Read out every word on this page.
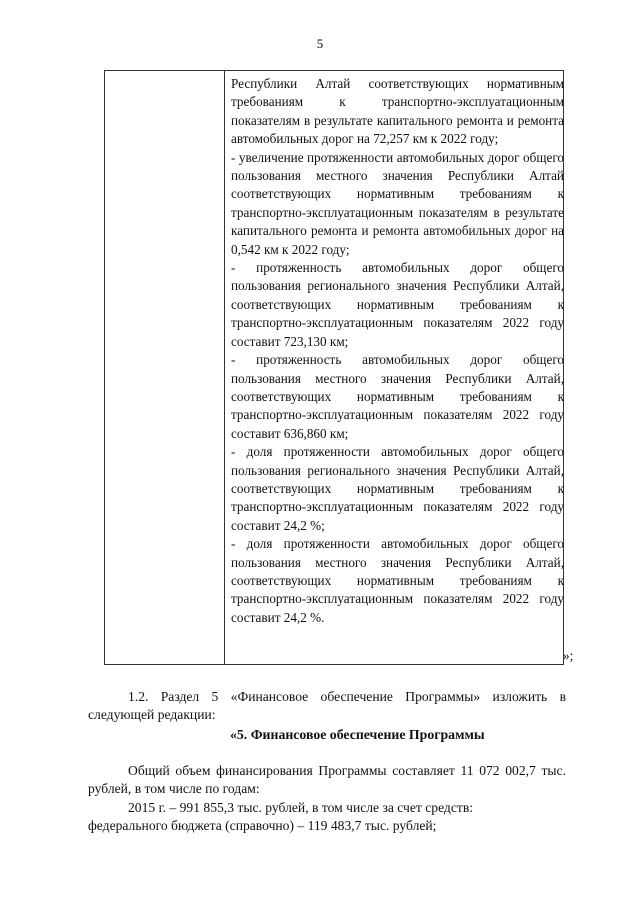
5

Республики Алтай соответствующих нормативным требованиям к транспортно-эксплуатационным показателям в результате капитального ремонта и ремонта автомобильных дорог на 72,257 км к 2022 году;

- увеличение протяженности автомобильных дорог общего пользования местного значения Республики Алтай соответствующих нормативным требованиям к транспортно-эксплуатационным показателям в результате капитального ремонта и ремонта автомобильных дорог на 0,542 км к 2022 году;

- протяженность автомобильных дорог общего пользования регионального значения Республики Алтай, соответствующих нормативным требованиям к транспортно-эксплуатационным показателям 2022 году составит 723,130 км;

- протяженность автомобильных дорог общего пользования местного значения Республики Алтай, соответствующих нормативным требованиям к транспортно-эксплуатационным показателям 2022 году составит 636,860 км;

- доля протяженности автомобильных дорог общего пользования регионального значения Республики Алтай, соответствующих нормативным требованиям к транспортно-эксплуатационным показателям 2022 году составит 24,2 %;

- доля протяженности автомобильных дорог общего пользования местного значения Республики Алтай, соответствующих нормативным требованиям к транспортно-эксплуатационным показателям 2022 году составит 24,2 %.

»;

1.2. Раздел 5 «Финансовое обеспечение Программы» изложить в следующей редакции:

«5. Финансовое обеспечение Программы

Общий объем финансирования Программы составляет 11 072 002,7 тыс. рублей, в том числе по годам:

2015 г. – 991 855,3 тыс. рублей, в том числе за счет средств:

федерального бюджета (справочно) – 119 483,7 тыс. рублей;
